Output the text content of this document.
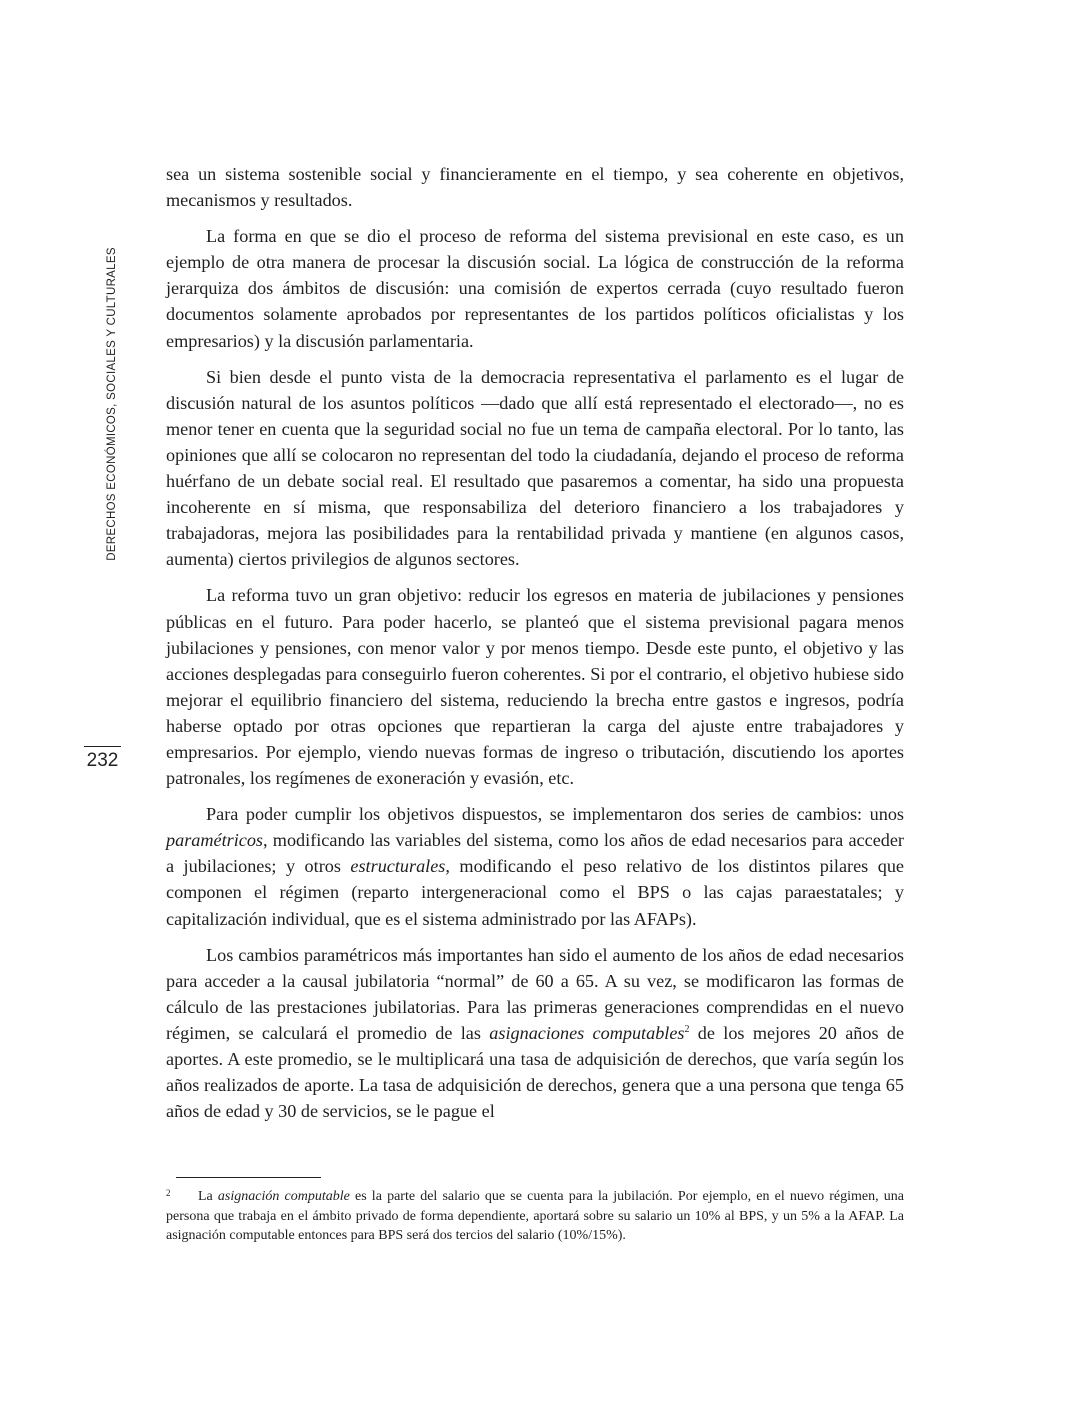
DERECHOS ECONÓMICOS, SOCIALES Y CULTURALES
232

sea un sistema sostenible social y financieramente en el tiempo, y sea coherente en objetivos, mecanismos y resultados.

La forma en que se dio el proceso de reforma del sistema previsional en este caso, es un ejemplo de otra manera de procesar la discusión social. La lógica de construcción de la reforma jerarquiza dos ámbitos de discusión: una comisión de expertos cerrada (cuyo resultado fueron documentos solamente aprobados por representantes de los partidos políticos oficialistas y los empresarios) y la discusión parlamentaria.

Si bien desde el punto vista de la democracia representativa el parlamento es el lugar de discusión natural de los asuntos políticos —dado que allí está representado el electorado—, no es menor tener en cuenta que la seguridad social no fue un tema de campaña electoral. Por lo tanto, las opiniones que allí se colocaron no representan del todo la ciudadanía, dejando el proceso de reforma huérfano de un debate social real. El resultado que pasaremos a comentar, ha sido una propuesta incoherente en sí misma, que responsabiliza del deterioro financiero a los trabajadores y trabajadoras, mejora las posibilidades para la rentabilidad privada y mantiene (en algunos casos, aumenta) ciertos privilegios de algunos sectores.

La reforma tuvo un gran objetivo: reducir los egresos en materia de jubilaciones y pensiones públicas en el futuro. Para poder hacerlo, se planteó que el sistema previsional pagara menos jubilaciones y pensiones, con menor valor y por menos tiempo. Desde este punto, el objetivo y las acciones desplegadas para conseguirlo fueron coherentes. Si por el contrario, el objetivo hubiese sido mejorar el equilibrio financiero del sistema, reduciendo la brecha entre gastos e ingresos, podría haberse optado por otras opciones que repartieran la carga del ajuste entre trabajadores y empresarios. Por ejemplo, viendo nuevas formas de ingreso o tributación, discutiendo los aportes patronales, los regímenes de exoneración y evasión, etc.

Para poder cumplir los objetivos dispuestos, se implementaron dos series de cambios: unos paramétricos, modificando las variables del sistema, como los años de edad necesarios para acceder a jubilaciones; y otros estructurales, modificando el peso relativo de los distintos pilares que componen el régimen (reparto intergeneracional como el BPS o las cajas paraestatales; y capitalización individual, que es el sistema administrado por las AFAPs).

Los cambios paramétricos más importantes han sido el aumento de los años de edad necesarios para acceder a la causal jubilatoria “normal” de 60 a 65. A su vez, se modificaron las formas de cálculo de las prestaciones jubilatorias. Para las primeras generaciones comprendidas en el nuevo régimen, se calculará el promedio de las asignaciones computables$^2$ de los mejores 20 años de aportes. A este promedio, se le multiplicará una tasa de adquisición de derechos, que varía según los años realizados de aporte. La tasa de adquisición de derechos, genera que a una persona que tenga 65 años de edad y 30 de servicios, se le pague el

2 La asignación computable es la parte del salario que se cuenta para la jubilación. Por ejemplo, en el nuevo régimen, una persona que trabaja en el ámbito privado de forma dependiente, aportará sobre su salario un 10% al BPS, y un 5% a la AFAP. La asignación computable entonces para BPS será dos tercios del salario (10%/15%).
